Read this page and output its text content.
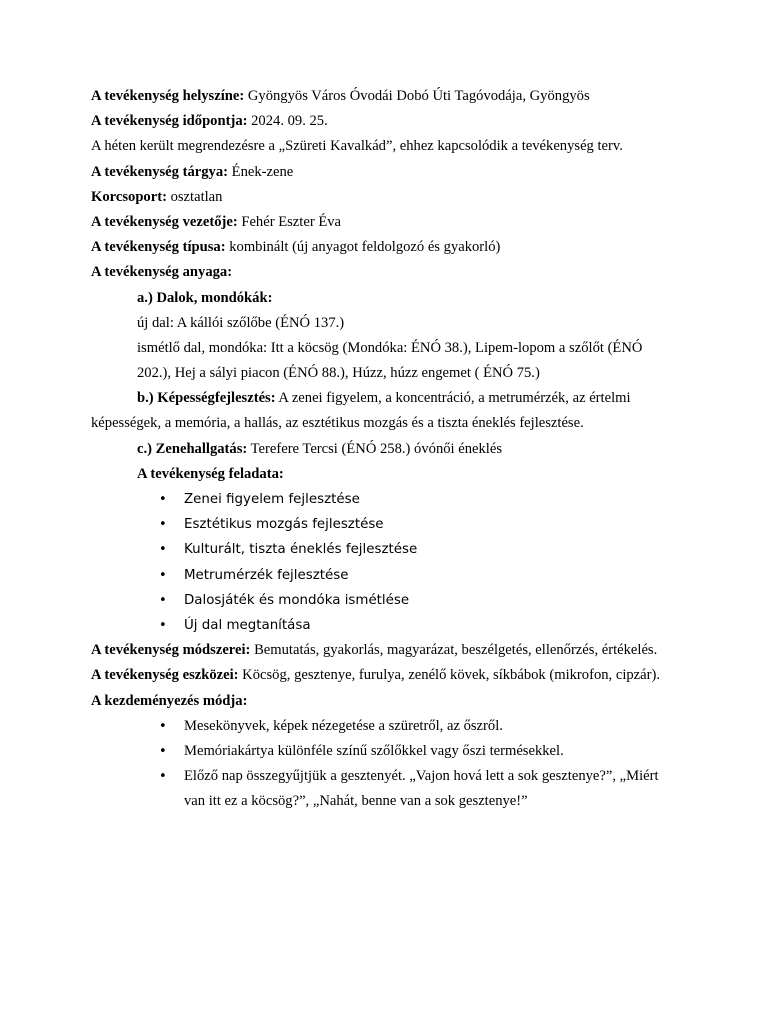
A tevékenység helyszíne: Gyöngyös Város Óvodái Dobó Úti Tagóvodája, Gyöngyös
A tevékenység időpontja: 2024. 09. 25.
A héten került megrendezésre a „Szüreti Kavalkád”, ehhez kapcsolódik a tevékenység terv.
A tevékenység tárgya: Ének-zene
Korcsoport: osztatlan
A tevékenység vezetője: Fehér Eszter Éva
A tevékenység típusa: kombinált (új anyagot feldolgozó és gyakorló)
A tevékenység anyaga:
a.) Dalok, mondókák:
új dal: A kállói szőlőbe (ÉNÓ 137.)
ismétlő dal, mondóka: Itt a köcsög (Mondóka: ÉNÓ 38.), Lipem-lopom a szőlőt (ÉNÓ
202.), Hej a sályi piacon (ÉNÓ 88.), Húzz, húzz engemet ( ÉNÓ 75.)
b.) Képességfejlesztés: A zenei figyelem, a koncentráció, a metrumérzék, az értelmi képességek, a memória, a hallás, az esztétikus mozgás és a tiszta éneklés fejlesztése.
c.) Zenehallgatás: Terefere Tercsi (ÉNÓ 258.) óvónői éneklés
A tevékenység feladata:
• Zenei figyelem fejlesztése
• Esztétikus mozgás fejlesztése
• Kulturált, tiszta éneklés fejlesztése
• Metrumérzék fejlesztése
• Dalosjáték és mondóka ismétlése
• Új dal megtanítása
A tevékenység módszerei: Bemutatás, gyakorlás, magyarázat, beszélgetés, ellenőrzés, értékelés.
A tevékenység eszközei: Köcsög, gesztenye, furulya, zenélő kövek, síkbábok (mikrofon, cipzár).
A kezdeményezés módja:
• Mesekönyvek, képek nézegetése a szüretről, az őszről.
• Memóriakártya különféle színű szőlőkkel vagy őszi termésekkel.
• Előző nap összegyűjtjük a gesztenyét. „Vajon hová lett a sok gesztenye?”, „Miért van itt ez a köcsög?”, „Nahát, benne van a sok gesztenye!”
